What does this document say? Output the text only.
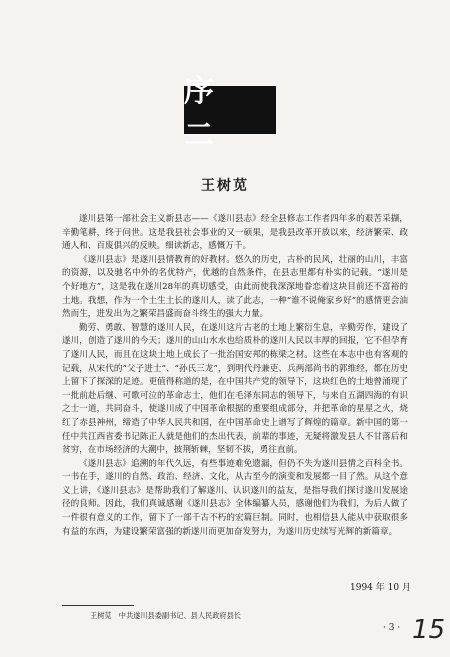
序 二
王树苋

遂川县第一部社会主义新县志——《遂川县志》经全县修志工作者四年多的艰苦采撷，辛勤笔耕，终于问世。这是我县社会事业的又一硕果，是我县改革开放以来，经济繁荣、政通人和、百废俱兴的反映。细读新志，感慨万千。

《遂川县志》是遂川县情教育的好教材。悠久的历史，古朴的民风，壮丽的山川，丰富的资源，以及驰名中外的名优特产，优越的自然条件，在县志里都有朴实的记载。“遂川是个好地方”，这是我在遂川28年的真切感受，由此而使我深深地眷恋着这块目前还不富裕的土地。我想，作为一个土生土长的遂川人，读了此志，一种“谁不说俺家乡好”的感情更会油然而生，进发出为之繁荣昌盛而奋斗终生的强大力量。

勤劳、勇敢、智慧的遂川人民，在遂川这片古老的土地上繁衍生息，辛勤劳作，建设了遂川，创造了遂川的今天；遂川的山山水水也给质朴的遂川人民以丰厚的回报，它不但孕育了遂川人民，而且在这块土地上成长了一批治国安邦的栋梁之材。这些在本志中也有客观的记载，从宋代的“父子进士”、“孙氏三龙”，到明代丹兼吏、兵两部尚书的郭维经，都在历史上留下了探深的足迹。更值得称道的是，在中国共产党的领导下，这块红色的土地曾涌现了一批前赴后继、可歌可泣的革命志士，他们在毛泽东同志的领导下，与来自五湖四海的有识之士一道，共同奋斗，使遂川成了中国革命根据的重要组成部分，并把革命的星星之火，烧红了赤县神州，缔造了中华人民共和国，在中国革命史上谱写了辉煌的篇章。新中国的第一任中共江西省委书记陈正人就是他们的杰出代表，前辈的事迹，无疑将激发县人不甘落后和贫穷，在市场经济的大潮中，披荆斩棘，坚韧不拔，勇往直前。

《遂川县志》追溯的年代久远，有些事迹难免遗漏，但仍不失为遂川县情之百科全书。一书在手，遂川的自然、政治、经济、文化，从古至今的演变和发展都一目了然。从这个意义上讲，《遂川县志》是帮助我们了解遂川、认识遂川的益友，是指导我们探讨遂川发展途径的良师。因此，我们真诚感谢《遂川县志》全体编纂人员，感谢他们为我们，为后人做了一件很有意义的工作，留下了一部千古不朽的宏篇巨制。同时，也相信县人能从中获取很多有益的东西，为建设繁荣富强的新遂川而更加奋发努力，为遂川历史续写光辉的新篇章。

1994 年 10 月
王树苋　中共遂川县委副书记、县人民政府县长
· 3 · 15
